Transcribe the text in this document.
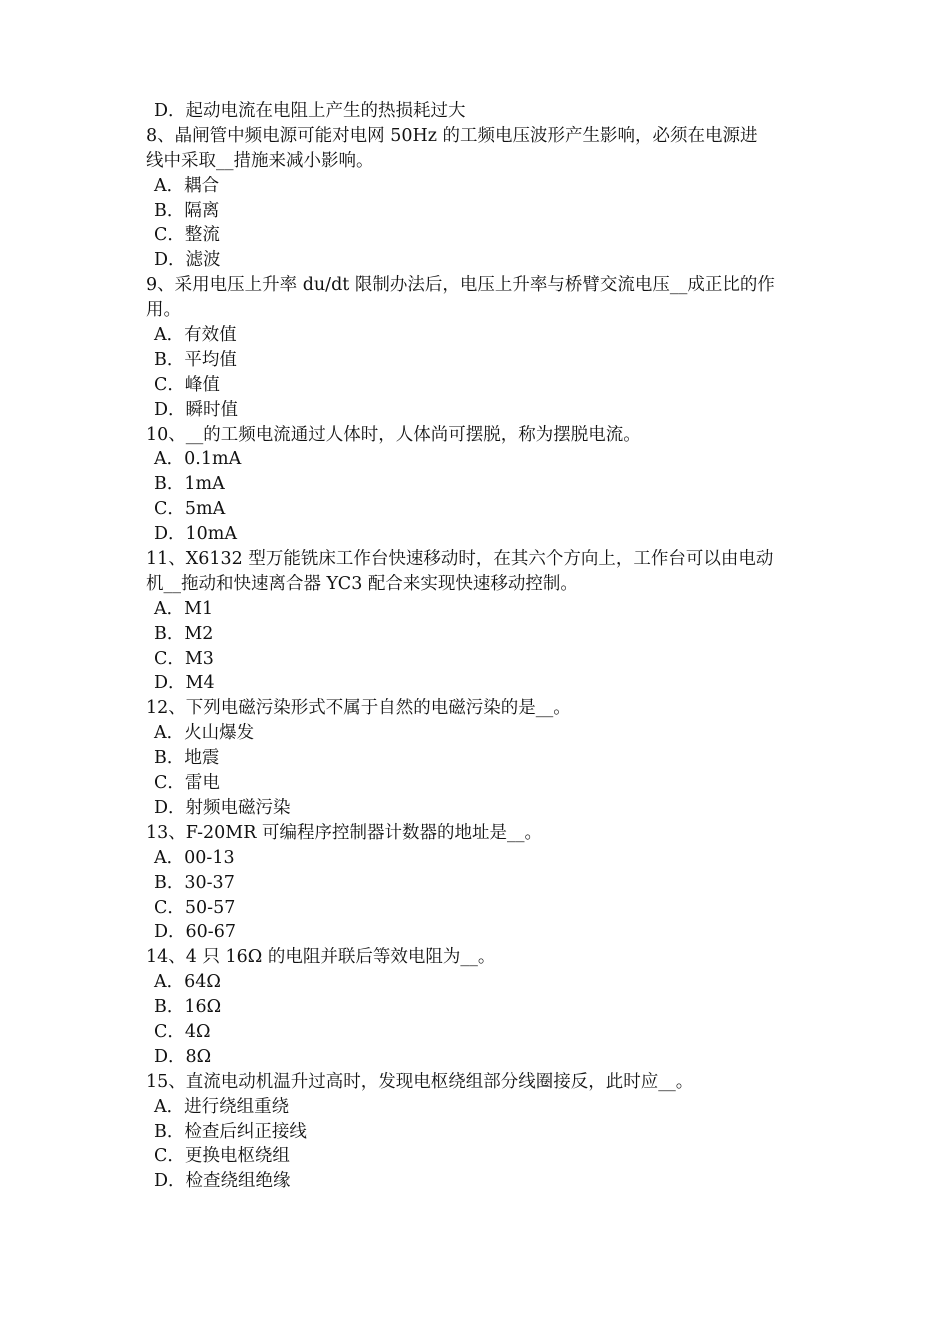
D．起动电流在电阻上产生的热损耗过大
8、晶闸管中频电源可能对电网 50Hz 的工频电压波形产生影响，必须在电源进
线中采取__措施来减小影响。
A．耦合
B．隔离
C．整流
D．滤波
9、采用电压上升率 du/dt 限制办法后，电压上升率与桥臂交流电压__成正比的作
用。
A．有效值
B．平均值
C．峰值
D．瞬时值
10、__的工频电流通过人体时，人体尚可摆脱，称为摆脱电流。
A．0.1mA
B．1mA
C．5mA
D．10mA
11、X6132 型万能铣床工作台快速移动时，在其六个方向上，工作台可以由电动
机__拖动和快速离合器 YC3 配合来实现快速移动控制。
A．M1
B．M2
C．M3
D．M4
12、下列电磁污染形式不属于自然的电磁污染的是__。
A．火山爆发
B．地震
C．雷电
D．射频电磁污染
13、F-20MR 可编程序控制器计数器的地址是__。
A．00-13
B．30-37
C．50-57
D．60-67
14、4 只 16Ω 的电阻并联后等效电阻为__。
A．64Ω
B．16Ω
C．4Ω
D．8Ω
15、直流电动机温升过高时，发现电枢绕组部分线圈接反，此时应__。
A．进行绕组重绕
B．检查后纠正接线
C．更换电枢绕组
D．检查绕组绝缘
